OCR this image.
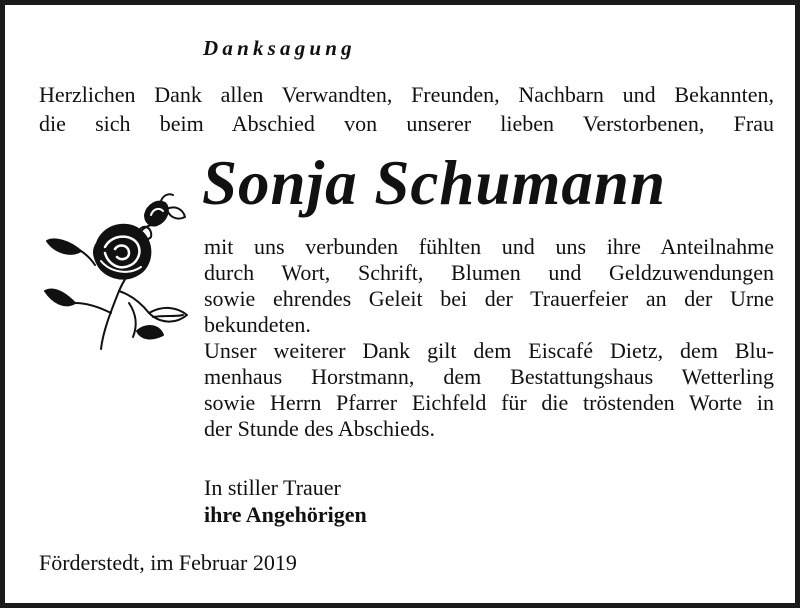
Danksagung
Herzlichen Dank allen Verwandten, Freunden, Nachbarn und Bekannten,
die sich beim Abschied von unserer lieben Verstorbenen, Frau
Sonja Schumann
mit uns verbunden fühlten und uns ihre Anteilnahme
durch Wort, Schrift, Blumen und Geldzuwendungen
sowie ehrendes Geleit bei der Trauerfeier an der Urne
bekundeten.
Unser weiterer Dank gilt dem Eiscafé Dietz, dem Blu-
menhaus Horstmann, dem Bestattungshaus Wetterling
sowie Herrn Pfarrer Eichfeld für die tröstenden Worte in
der Stunde des Abschieds.
In stiller Trauer
ihre Angehörigen
Förderstedt, im Februar 2019
